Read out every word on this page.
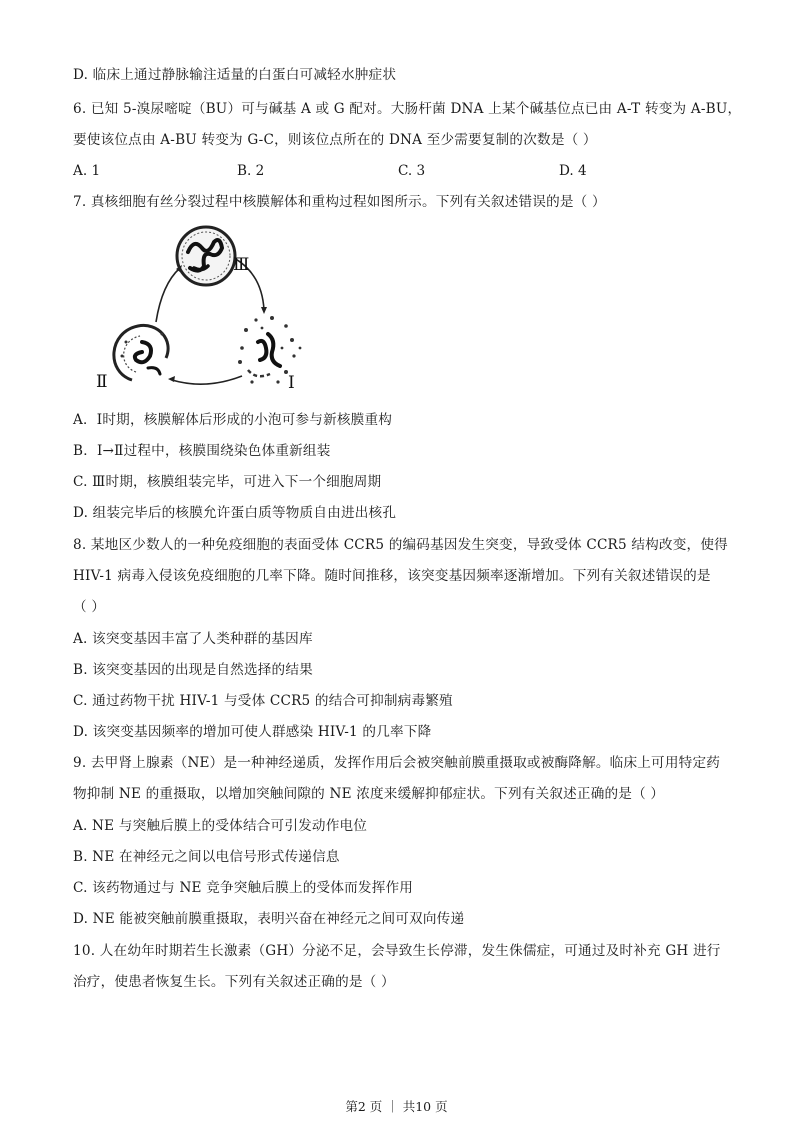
D. 临床上通过静脉输注适量的白蛋白可减轻水肿症状
6. 已知 5-溴尿嘧啶（BU）可与碱基 A 或 G 配对。大肠杆菌 DNA 上某个碱基位点已由 A-T 转变为 A-BU，
要使该位点由 A-BU 转变为 G-C，则该位点所在的 DNA 至少需要复制的次数是（ ）
A. 1	B. 2	C. 3	D. 4
7. 真核细胞有丝分裂过程中核膜解体和重构过程如图所示。下列有关叙述错误的是（ ）
Ⅲ
Ⅱ	Ⅰ
A．Ⅰ时期，核膜解体后形成的小泡可参与新核膜重构
B．Ⅰ→Ⅱ过程中，核膜围绕染色体重新组装
C. Ⅲ时期，核膜组装完毕，可进入下一个细胞周期
D. 组装完毕后的核膜允许蛋白质等物质自由进出核孔
8. 某地区少数人的一种免疫细胞的表面受体 CCR5 的编码基因发生突变，导致受体 CCR5 结构改变，使得
HIV-1 病毒入侵该免疫细胞的几率下降。随时间推移，该突变基因频率逐渐增加。下列有关叙述错误的是
（ ）
A. 该突变基因丰富了人类种群的基因库
B. 该突变基因的出现是自然选择的结果
C. 通过药物干扰 HIV-1 与受体 CCR5 的结合可抑制病毒繁殖
D. 该突变基因频率的增加可使人群感染 HIV-1 的几率下降
9. 去甲肾上腺素（NE）是一种神经递质，发挥作用后会被突触前膜重摄取或被酶降解。临床上可用特定药
物抑制 NE 的重摄取，以增加突触间隙的 NE 浓度来缓解抑郁症状。下列有关叙述正确的是（ ）
A. NE 与突触后膜上的受体结合可引发动作电位
B. NE 在神经元之间以电信号形式传递信息
C. 该药物通过与 NE 竞争突触后膜上的受体而发挥作用
D. NE 能被突触前膜重摄取，表明兴奋在神经元之间可双向传递
10. 人在幼年时期若生长激素（GH）分泌不足，会导致生长停滞，发生侏儒症，可通过及时补充 GH 进行
治疗，使患者恢复生长。下列有关叙述正确的是（ ）
第2 页 ｜ 共10 页
